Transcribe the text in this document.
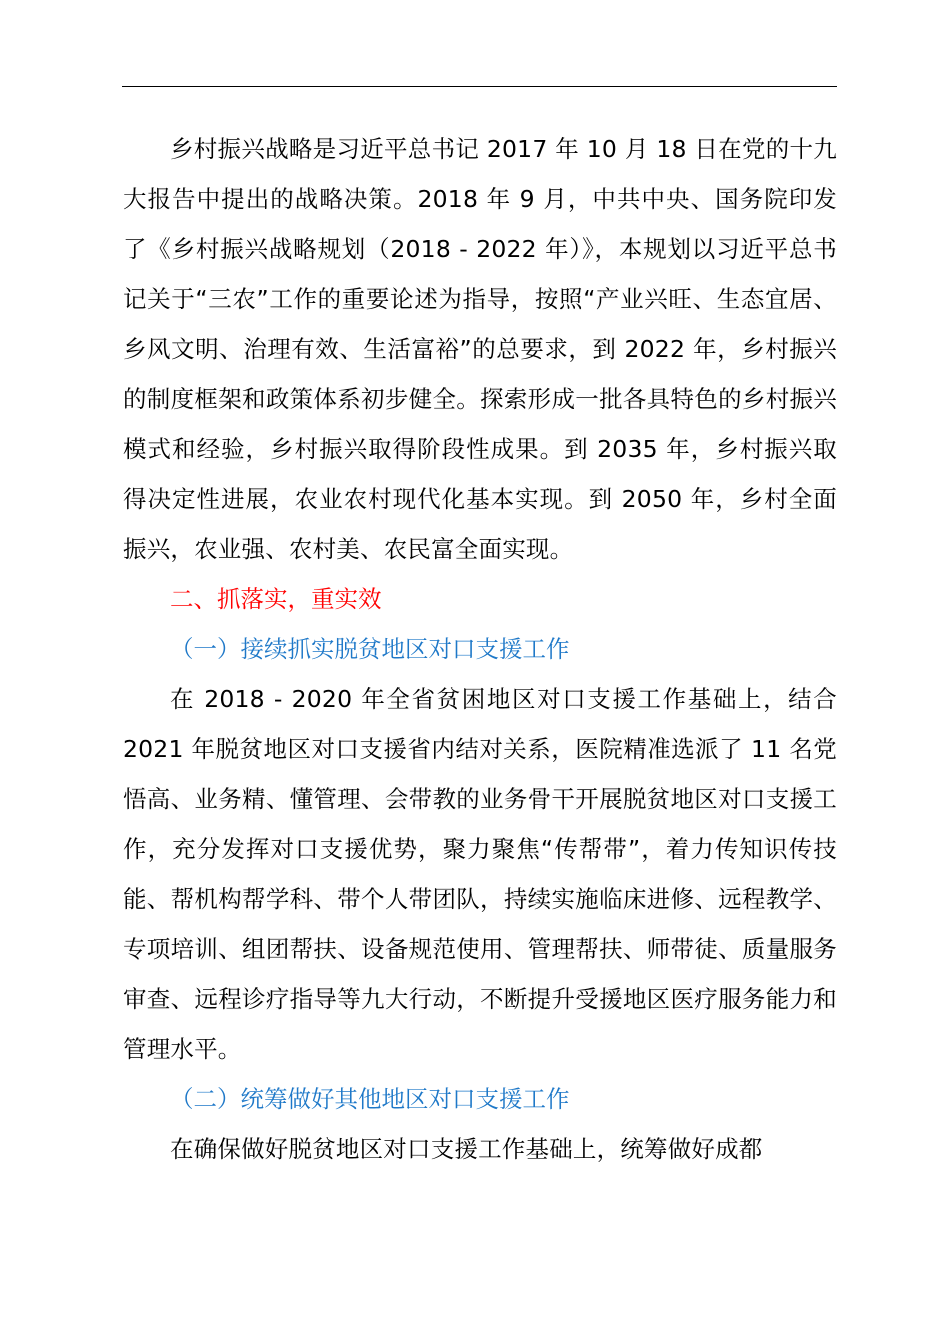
乡村振兴战略是习近平总书记 2017 年 10 月 18 日在党的十九大报告中提出的战略决策。2018 年 9 月，中共中央、国务院印发了《乡村振兴战略规划（2018 - 2022 年）》，本规划以习近平总书记关于“三农”工作的重要论述为指导，按照“产业兴旺、生态宜居、乡风文明、治理有效、生活富裕”的总要求，到 2022 年，乡村振兴的制度框架和政策体系初步健全。探索形成一批各具特色的乡村振兴模式和经验，乡村振兴取得阶段性成果。到 2035 年，乡村振兴取得决定性进展，农业农村现代化基本实现。到 2050 年，乡村全面振兴，农业强、农村美、农民富全面实现。

二、抓落实，重实效

（一）接续抓实脱贫地区对口支援工作

在 2018 - 2020 年全省贫困地区对口支援工作基础上，结合 2021 年脱贫地区对口支援省内结对关系，医院精准选派了 11 名党悟高、业务精、懂管理、会带教的业务骨干开展脱贫地区对口支援工作，充分发挥对口支援优势，聚力聚焦“传帮带”，着力传知识传技能、帮机构帮学科、带个人带团队，持续实施临床进修、远程教学、专项培训、组团帮扶、设备规范使用、管理帮扶、师带徒、质量服务审查、远程诊疗指导等九大行动，不断提升受援地区医疗服务能力和管理水平。

（二）统筹做好其他地区对口支援工作

在确保做好脱贫地区对口支援工作基础上，统筹做好成都
